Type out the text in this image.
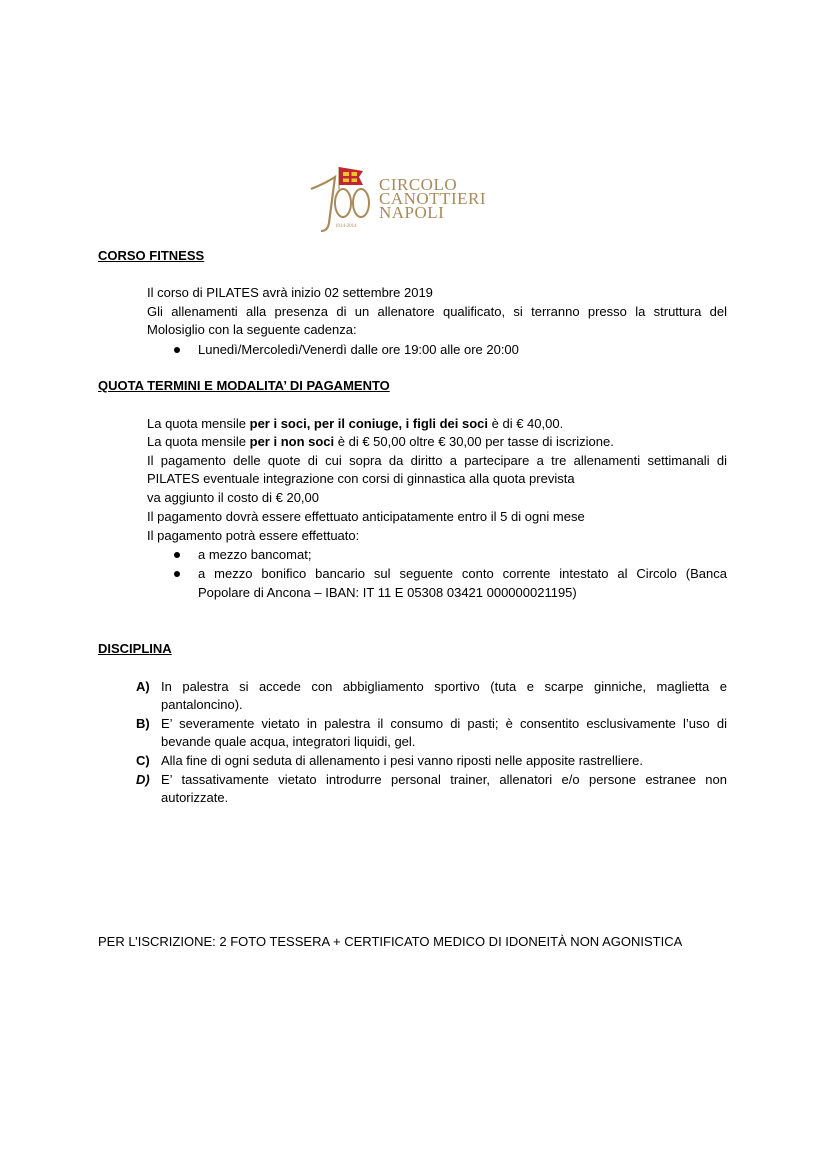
1914-2014
CIRCOLO
CANOTTIERI
NAPOLI
CORSO FITNESS
Il corso di PILATES avrà inizio 02 settembre 2019
Gli allenamenti alla presenza di un allenatore qualificato, si terranno presso la struttura del
Molosiglio con la seguente cadenza:
Lunedì/Mercoledì/Venerdì dalle ore 19:00 alle ore 20:00
QUOTA TERMINI E MODALITA’ DI PAGAMENTO
La quota mensile per i soci, per il coniuge, i figli dei soci è di € 40,00.
La quota mensile per i non soci è di € 50,00 oltre € 30,00 per tasse di iscrizione.
Il pagamento delle quote di cui sopra da diritto a partecipare a tre allenamenti settimanali di
PILATES eventuale integrazione con corsi di ginnastica alla quota prevista
va aggiunto il costo di € 20,00
Il pagamento dovrà essere effettuato anticipatamente entro il 5 di ogni mese
Il pagamento potrà essere effettuato:
a mezzo bancomat;
a mezzo bonifico bancario sul seguente conto corrente intestato al Circolo (Banca
Popolare di Ancona – IBAN: IT 11 E 05308 03421 000000021195)
DISCIPLINA
A) In palestra si accede con abbigliamento sportivo (tuta e scarpe ginniche, maglietta e
pantaloncino).
B) E’ severamente vietato in palestra il consumo di pasti; è consentito esclusivamente l’uso di
bevande quale acqua, integratori liquidi, gel.
C) Alla fine di ogni seduta di allenamento i pesi vanno riposti nelle apposite rastrelliere.
D) E’ tassativamente vietato introdurre personal trainer, allenatori e/o persone estranee non
autorizzate.
PER L’ISCRIZIONE: 2 FOTO TESSERA + CERTIFICATO MEDICO DI IDONEITÀ NON AGONISTICA
